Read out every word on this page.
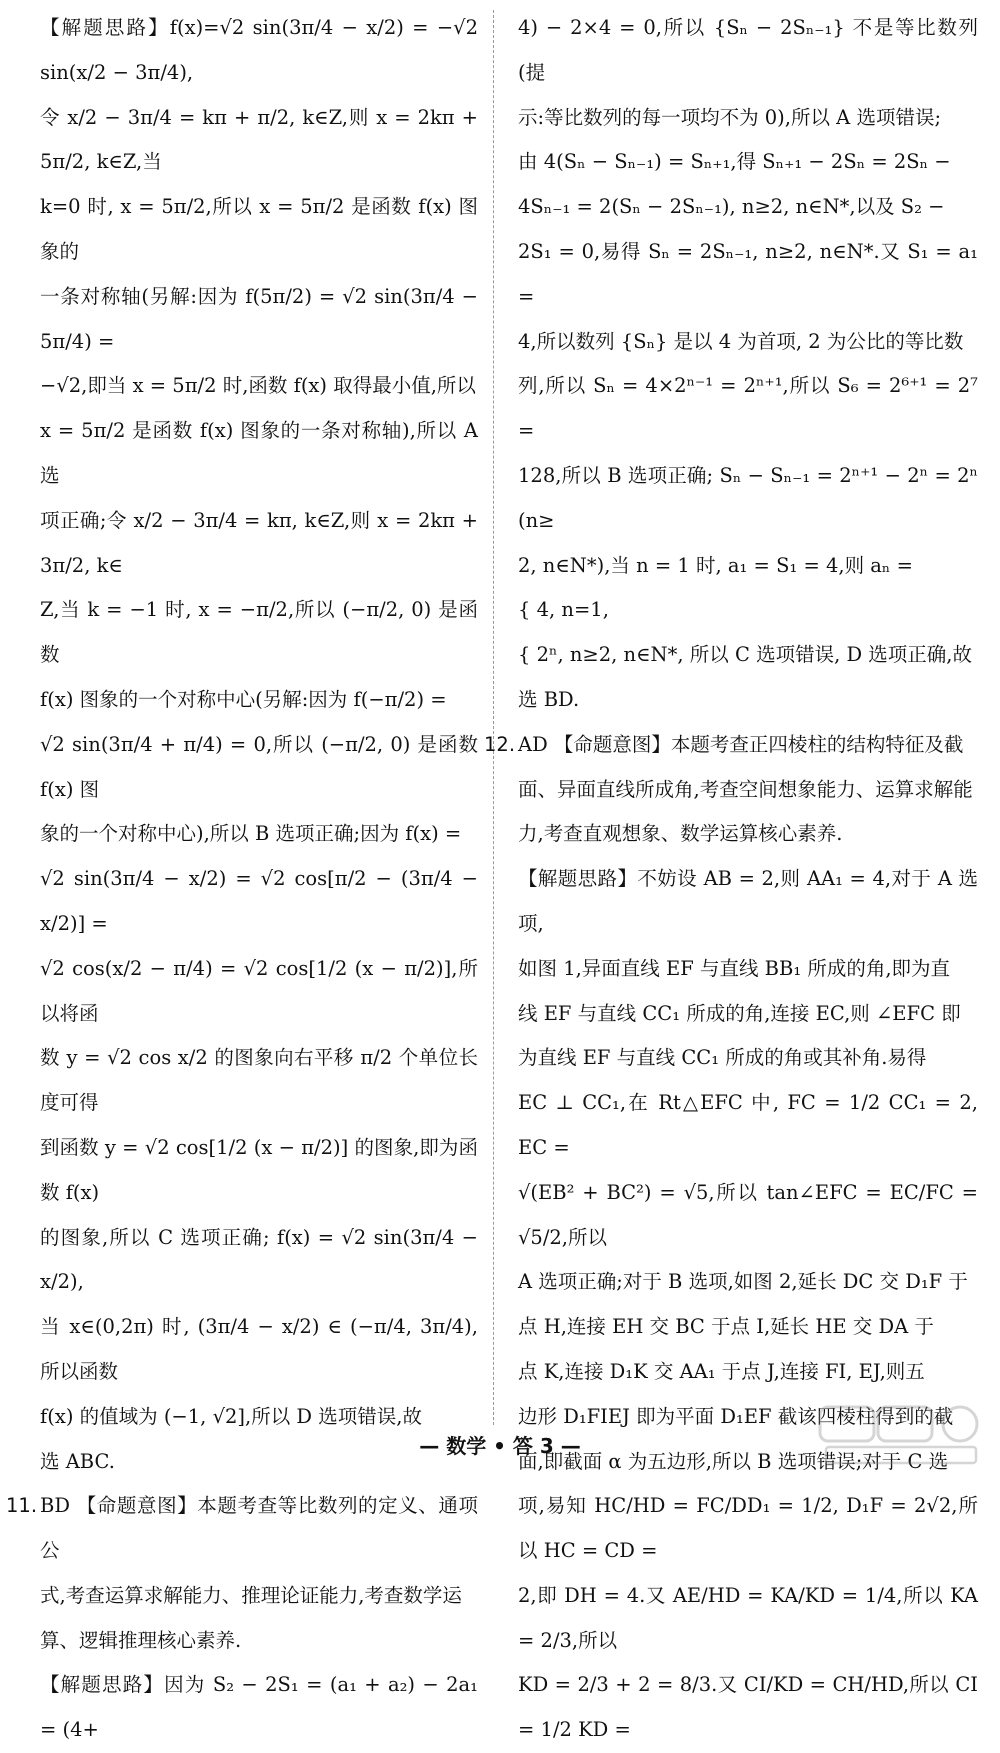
【解题思路】f(x)=√2 sin(3π/4 − x/2) = −√2 sin(x/2 − 3π/4),

令 x/2 − 3π/4 = kπ + π/2, k∈Z,则 x = 2kπ + 5π/2, k∈Z,当

k=0 时, x = 5π/2,所以 x = 5π/2 是函数 f(x) 图象的

一条对称轴(另解:因为 f(5π/2) = √2 sin(3π/4 − 5π/4) =

−√2,即当 x = 5π/2 时,函数 f(x) 取得最小值,所以

x = 5π/2 是函数 f(x) 图象的一条对称轴),所以 A 选

项正确;令 x/2 − 3π/4 = kπ, k∈Z,则 x = 2kπ + 3π/2, k∈

Z,当 k = −1 时, x = −π/2,所以 (−π/2, 0) 是函数

f(x) 图象的一个对称中心(另解:因为 f(−π/2) =

√2 sin(3π/4 + π/4) = 0,所以 (−π/2, 0) 是函数 f(x) 图

象的一个对称中心),所以 B 选项正确;因为 f(x) =

√2 sin(3π/4 − x/2) = √2 cos[π/2 − (3π/4 − x/2)] =

√2 cos(x/2 − π/4) = √2 cos[1/2 (x − π/2)],所以将函

数 y = √2 cos x/2 的图象向右平移 π/2 个单位长度可得

到函数 y = √2 cos[1/2 (x − π/2)] 的图象,即为函数 f(x)

的图象,所以 C 选项正确; f(x) = √2 sin(3π/4 − x/2),

当 x∈(0,2π) 时, (3π/4 − x/2) ∈ (−π/4, 3π/4),所以函数

f(x) 的值域为 (−1, √2],所以 D 选项错误,故

选 ABC.

11. BD 【命题意图】本题考查等比数列的定义、通项公

式,考查运算求解能力、推理论证能力,考查数学运

算、逻辑推理核心素养.

【解题思路】因为 S₂ − 2S₁ = (a₁ + a₂) − 2a₁ = (4+

4) − 2×4 = 0,所以 {Sₙ − 2Sₙ₋₁} 不是等比数列(提

示:等比数列的每一项均不为 0),所以 A 选项错误;

由 4(Sₙ − Sₙ₋₁) = Sₙ₊₁,得 Sₙ₊₁ − 2Sₙ = 2Sₙ −

4Sₙ₋₁ = 2(Sₙ − 2Sₙ₋₁), n≥2, n∈N*,以及 S₂ −

2S₁ = 0,易得 Sₙ = 2Sₙ₋₁, n≥2, n∈N*.又 S₁ = a₁ =

4,所以数列 {Sₙ} 是以 4 为首项, 2 为公比的等比数

列,所以 Sₙ = 4×2ⁿ⁻¹ = 2ⁿ⁺¹,所以 S₆ = 2⁶⁺¹ = 2⁷ =

128,所以 B 选项正确; Sₙ − Sₙ₋₁ = 2ⁿ⁺¹ − 2ⁿ = 2ⁿ (n≥

2, n∈N*),当 n = 1 时, a₁ = S₁ = 4,则 aₙ =

{ 4, n=1,

{ 2ⁿ, n≥2, n∈N*, 所以 C 选项错误, D 选项正确,故

选 BD.

12. AD 【命题意图】本题考查正四棱柱的结构特征及截

面、异面直线所成角,考查空间想象能力、运算求解能

力,考查直观想象、数学运算核心素养.

【解题思路】不妨设 AB = 2,则 AA₁ = 4,对于 A 选项,

如图 1,异面直线 EF 与直线 BB₁ 所成的角,即为直

线 EF 与直线 CC₁ 所成的角,连接 EC,则 ∠EFC 即

为直线 EF 与直线 CC₁ 所成的角或其补角.易得

EC ⊥ CC₁,在 Rt△EFC 中, FC = 1/2 CC₁ = 2, EC =

√(EB² + BC²) = √5,所以 tan∠EFC = EC/FC = √5/2,所以

A 选项正确;对于 B 选项,如图 2,延长 DC 交 D₁F 于

点 H,连接 EH 交 BC 于点 I,延长 HE 交 DA 于

点 K,连接 D₁K 交 AA₁ 于点 J,连接 FI, EJ,则五

边形 D₁FIEJ 即为平面 D₁EF 截该四棱柱得到的截

面,即截面 α 为五边形,所以 B 选项错误;对于 C 选

项,易知 HC/HD = FC/DD₁ = 1/2, D₁F = 2√2,所以 HC = CD =

2,即 DH = 4.又 AE/HD = KA/KD = 1/4,所以 KA = 2/3,所以

KD = 2/3 + 2 = 8/3.又 CI/KD = CH/HD,所以 CI = 1/2 KD =

— 数学 • 答 3 —
